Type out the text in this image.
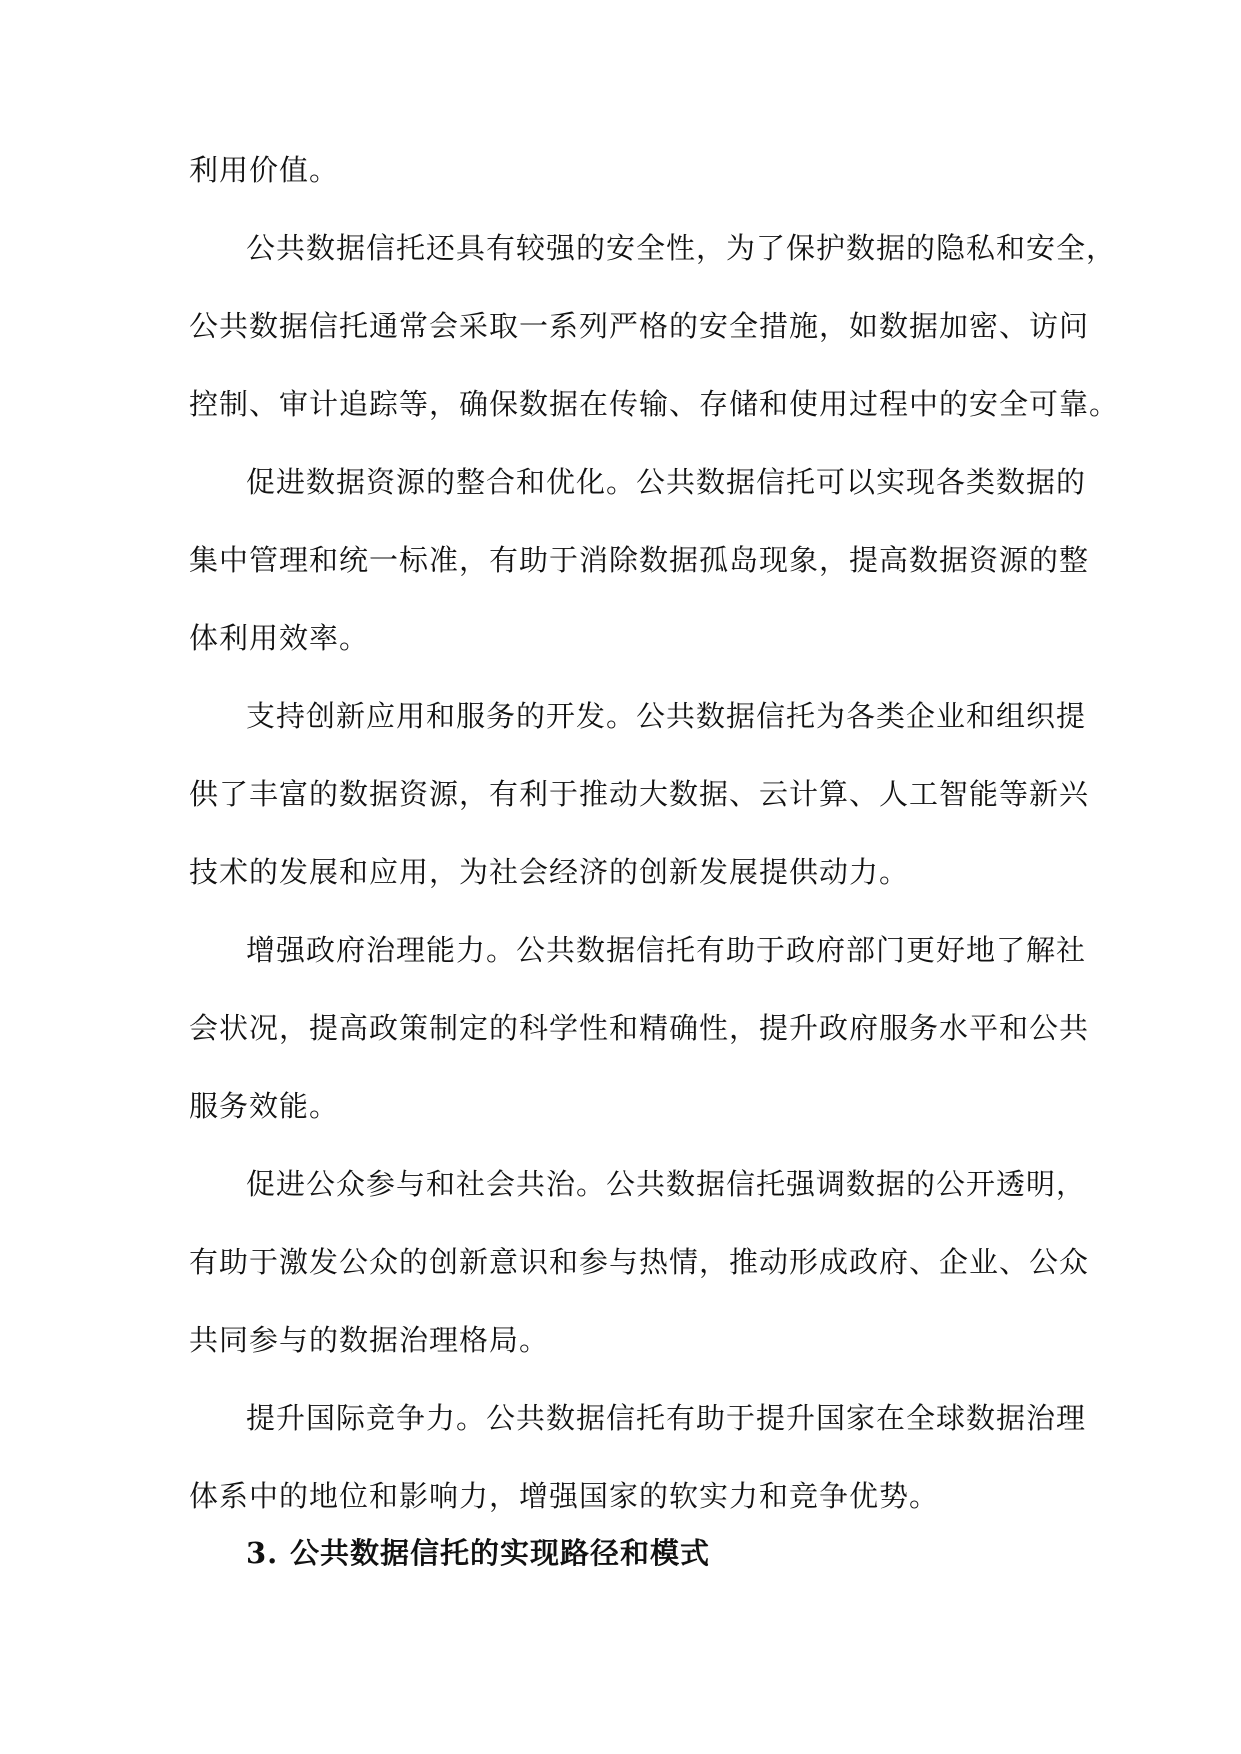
利用价值。
公共数据信托还具有较强的安全性，为了保护数据的隐私和安全，
公共数据信托通常会采取一系列严格的安全措施，如数据加密、访问
控制、审计追踪等，确保数据在传输、存储和使用过程中的安全可靠。
促进数据资源的整合和优化。公共数据信托可以实现各类数据的
集中管理和统一标准，有助于消除数据孤岛现象，提高数据资源的整
体利用效率。
支持创新应用和服务的开发。公共数据信托为各类企业和组织提
供了丰富的数据资源，有利于推动大数据、云计算、人工智能等新兴
技术的发展和应用，为社会经济的创新发展提供动力。
增强政府治理能力。公共数据信托有助于政府部门更好地了解社
会状况，提高政策制定的科学性和精确性，提升政府服务水平和公共
服务效能。
促进公众参与和社会共治。公共数据信托强调数据的公开透明，
有助于激发公众的创新意识和参与热情，推动形成政府、企业、公众
共同参与的数据治理格局。
提升国际竞争力。公共数据信托有助于提升国家在全球数据治理
体系中的地位和影响力，增强国家的软实力和竞争优势。
3. 公共数据信托的实现路径和模式
